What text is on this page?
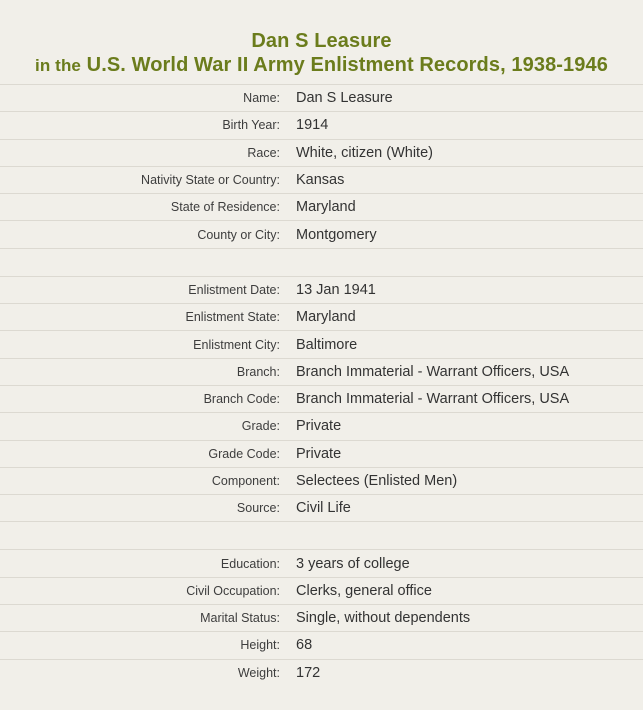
Dan S Leasure
in the U.S. World War II Army Enlistment Records, 1938-1946
Name: Dan S Leasure
Birth Year: 1914
Race: White, citizen (White)
Nativity State or Country: Kansas
State of Residence: Maryland
County or City: Montgomery
Enlistment Date: 13 Jan 1941
Enlistment State: Maryland
Enlistment City: Baltimore
Branch: Branch Immaterial - Warrant Officers, USA
Branch Code: Branch Immaterial - Warrant Officers, USA
Grade: Private
Grade Code: Private
Component: Selectees (Enlisted Men)
Source: Civil Life
Education: 3 years of college
Civil Occupation: Clerks, general office
Marital Status: Single, without dependents
Height: 68
Weight: 172
